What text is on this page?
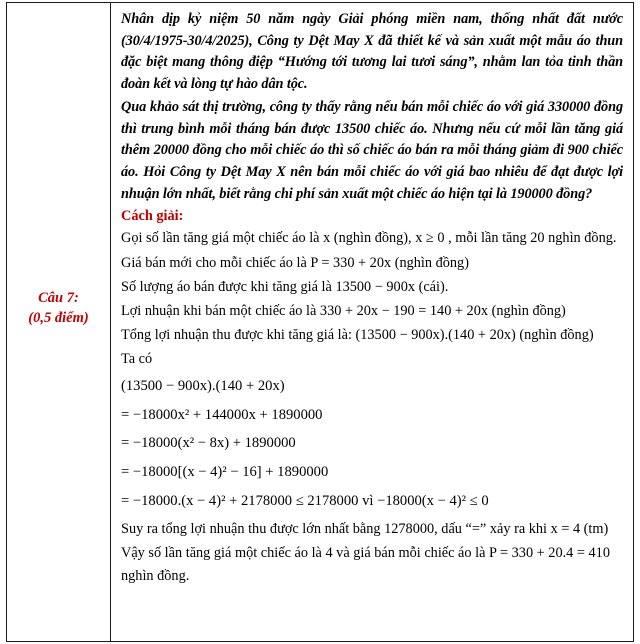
Câu 7:
(0,5 điểm)

Nhân dịp kỷ niệm 50 năm ngày Giải phóng miền nam, thống nhất đất nước (30/4/1975-30/4/2025), Công ty Dệt May X đã thiết kế và sản xuất một mẫu áo thun đặc biệt mang thông điệp “Hướng tới tương lai tươi sáng”, nhằm lan tỏa tinh thần đoàn kết và lòng tự hào dân tộc.

Qua khảo sát thị trường, công ty thấy rằng nếu bán mỗi chiếc áo với giá 330000 đồng thì trung bình mỗi tháng bán được 13500 chiếc áo. Nhưng nếu cứ mỗi lần tăng giá thêm 20000 đồng cho mỗi chiếc áo thì số chiếc áo bán ra mỗi tháng giảm đi 900 chiếc áo. Hỏi Công ty Dệt May X nên bán mỗi chiếc áo với giá bao nhiêu để đạt được lợi nhuận lớn nhất, biết rằng chi phí sản xuất một chiếc áo hiện tại là 190000 đồng?

Cách giải:

Gọi số lần tăng giá một chiếc áo là x (nghìn đồng), x ≥ 0 , mỗi lần tăng 20 nghìn đồng.

Giá bán mới cho mỗi chiếc áo là P = 330 + 20x (nghìn đồng)

Số lượng áo bán được khi tăng giá là 13500 − 900x (cái).

Lợi nhuận khi bán một chiếc áo là 330 + 20x − 190 = 140 + 20x (nghìn đồng)

Tổng lợi nhuận thu được khi tăng giá là: (13500 − 900x).(140 + 20x) (nghìn đồng)

Ta có

(13500 − 900x).(140 + 20x)

= −18000x² + 144000x + 1890000

= −18000(x² − 8x) + 1890000

= −18000[(x − 4)² − 16] + 1890000

= −18000.(x − 4)² + 2178000 ≤ 2178000 vì −18000(x − 4)² ≤ 0

Suy ra tổng lợi nhuận thu được lớn nhất bằng 1278000, dấu “=” xảy ra khi x = 4 (tm)

Vậy số lần tăng giá một chiếc áo là 4 và giá bán mỗi chiếc áo là P = 330 + 20.4 = 410 nghìn đồng.
